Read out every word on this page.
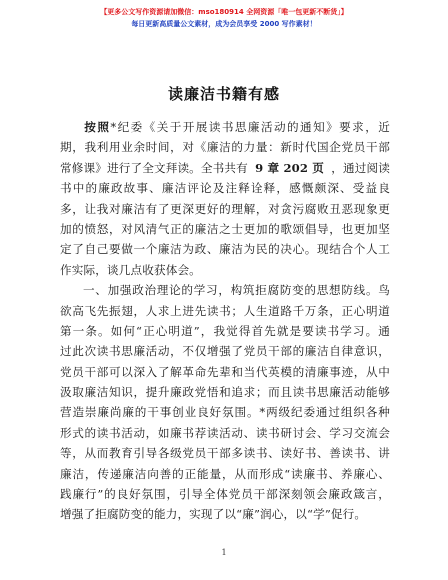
【更多公文写作资源请加微信：mso180914 全网资源「唯一包更新不断货」】
每日更新高质量公文素材，成为会员享受 2000 写作素材！
读廉洁书籍有感
按照*纪委《关于开展读书思廉活动的通知》要求，近
期，我利用业余时间，对《廉洁的力量：新时代国企党员干部
常修课》进行了全文拜读。全书共有 9 章 202 页 ，通过阅读
书中的廉政故事、廉洁评论及注释诠释，感慨颇深、受益良
多，让我对廉洁有了更深更好的理解，对贪污腐败丑恶现象更
加的愤怒，对风清气正的廉洁之士更加的歌颂倡导，也更加坚
定了自己要做一个廉洁为政、廉洁为民的决心。现结合个人工
作实际，谈几点收获体会。
一、加强政治理论的学习，构筑拒腐防变的思想防线。鸟
欲高飞先振翅，人求上进先读书；人生道路千万条，正心明道
第一条。如何“正心明道”，我觉得首先就是要读书学习。通
过此次读书思廉活动，不仅增强了党员干部的廉洁自律意识，
党员干部可以深入了解革命先辈和当代英模的清廉事迹，从中
汲取廉洁知识，提升廉政党悟和追求；而且读书思廉活动能够
营造崇廉尚廉的干事创业良好氛围。*两级纪委通过组织各种
形式的读书活动，如廉书荐读活动、读书研讨会、学习交流会
等，从而教育引导各级党员干部多读书、读好书、善读书、讲
廉洁，传递廉洁向善的正能量，从而形成“读廉书、养廉心、
践廉行”的良好氛围，引导全体党员干部深刻领会廉政箴言，
增强了拒腐防变的能力，实现了以“廉”润心，以“学”促行。
1
